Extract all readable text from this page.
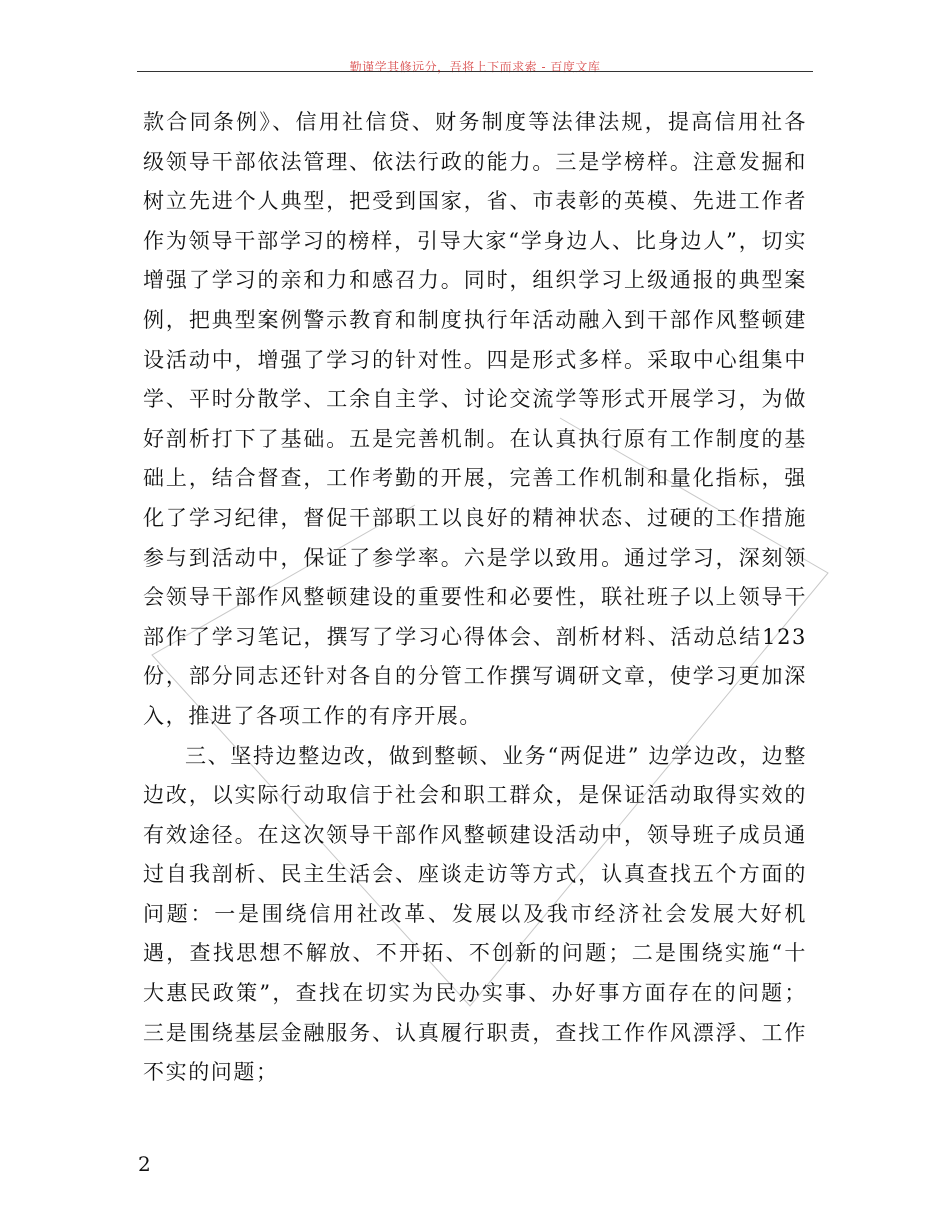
勤谨学其修远分，吾将上下而求索 - 百度文库

款合同条例》、信用社信贷、财务制度等法律法规，提高信用社各级领导干部依法管理、依法行政的能力。三是学榜样。注意发掘和树立先进个人典型，把受到国家，省、市表彰的英模、先进工作者作为领导干部学习的榜样，引导大家“学身边人、比身边人”，切实增强了学习的亲和力和感召力。同时，组织学习上级通报的典型案例，把典型案例警示教育和制度执行年活动融入到干部作风整顿建设活动中，增强了学习的针对性。四是形式多样。采取中心组集中学、平时分散学、工余自主学、讨论交流学等形式开展学习，为做好剖析打下了基础。五是完善机制。在认真执行原有工作制度的基础上，结合督查，工作考勤的开展，完善工作机制和量化指标，强化了学习纪律，督促干部职工以良好的精神状态、过硬的工作措施参与到活动中，保证了参学率。六是学以致用。通过学习，深刻领会领导干部作风整顿建设的重要性和必要性，联社班子以上领导干部作了学习笔记，撰写了学习心得体会、剖析材料、活动总结123份，部分同志还针对各自的分管工作撰写调研文章，使学习更加深入，推进了各项工作的有序开展。

三、坚持边整边改，做到整顿、业务“两促进” 边学边改，边整边改，以实际行动取信于社会和职工群众，是保证活动取得实效的有效途径。在这次领导干部作风整顿建设活动中，领导班子成员通过自我剖析、民主生活会、座谈走访等方式，认真查找五个方面的问题：一是围绕信用社改革、发展以及我市经济社会发展大好机遇，查找思想不解放、不开拓、不创新的问题；二是围绕实施“十大惠民政策”，查找在切实为民办实事、办好事方面存在的问题；三是围绕基层金融服务、认真履行职责，查找工作作风漂浮、工作不实的问题；

2
